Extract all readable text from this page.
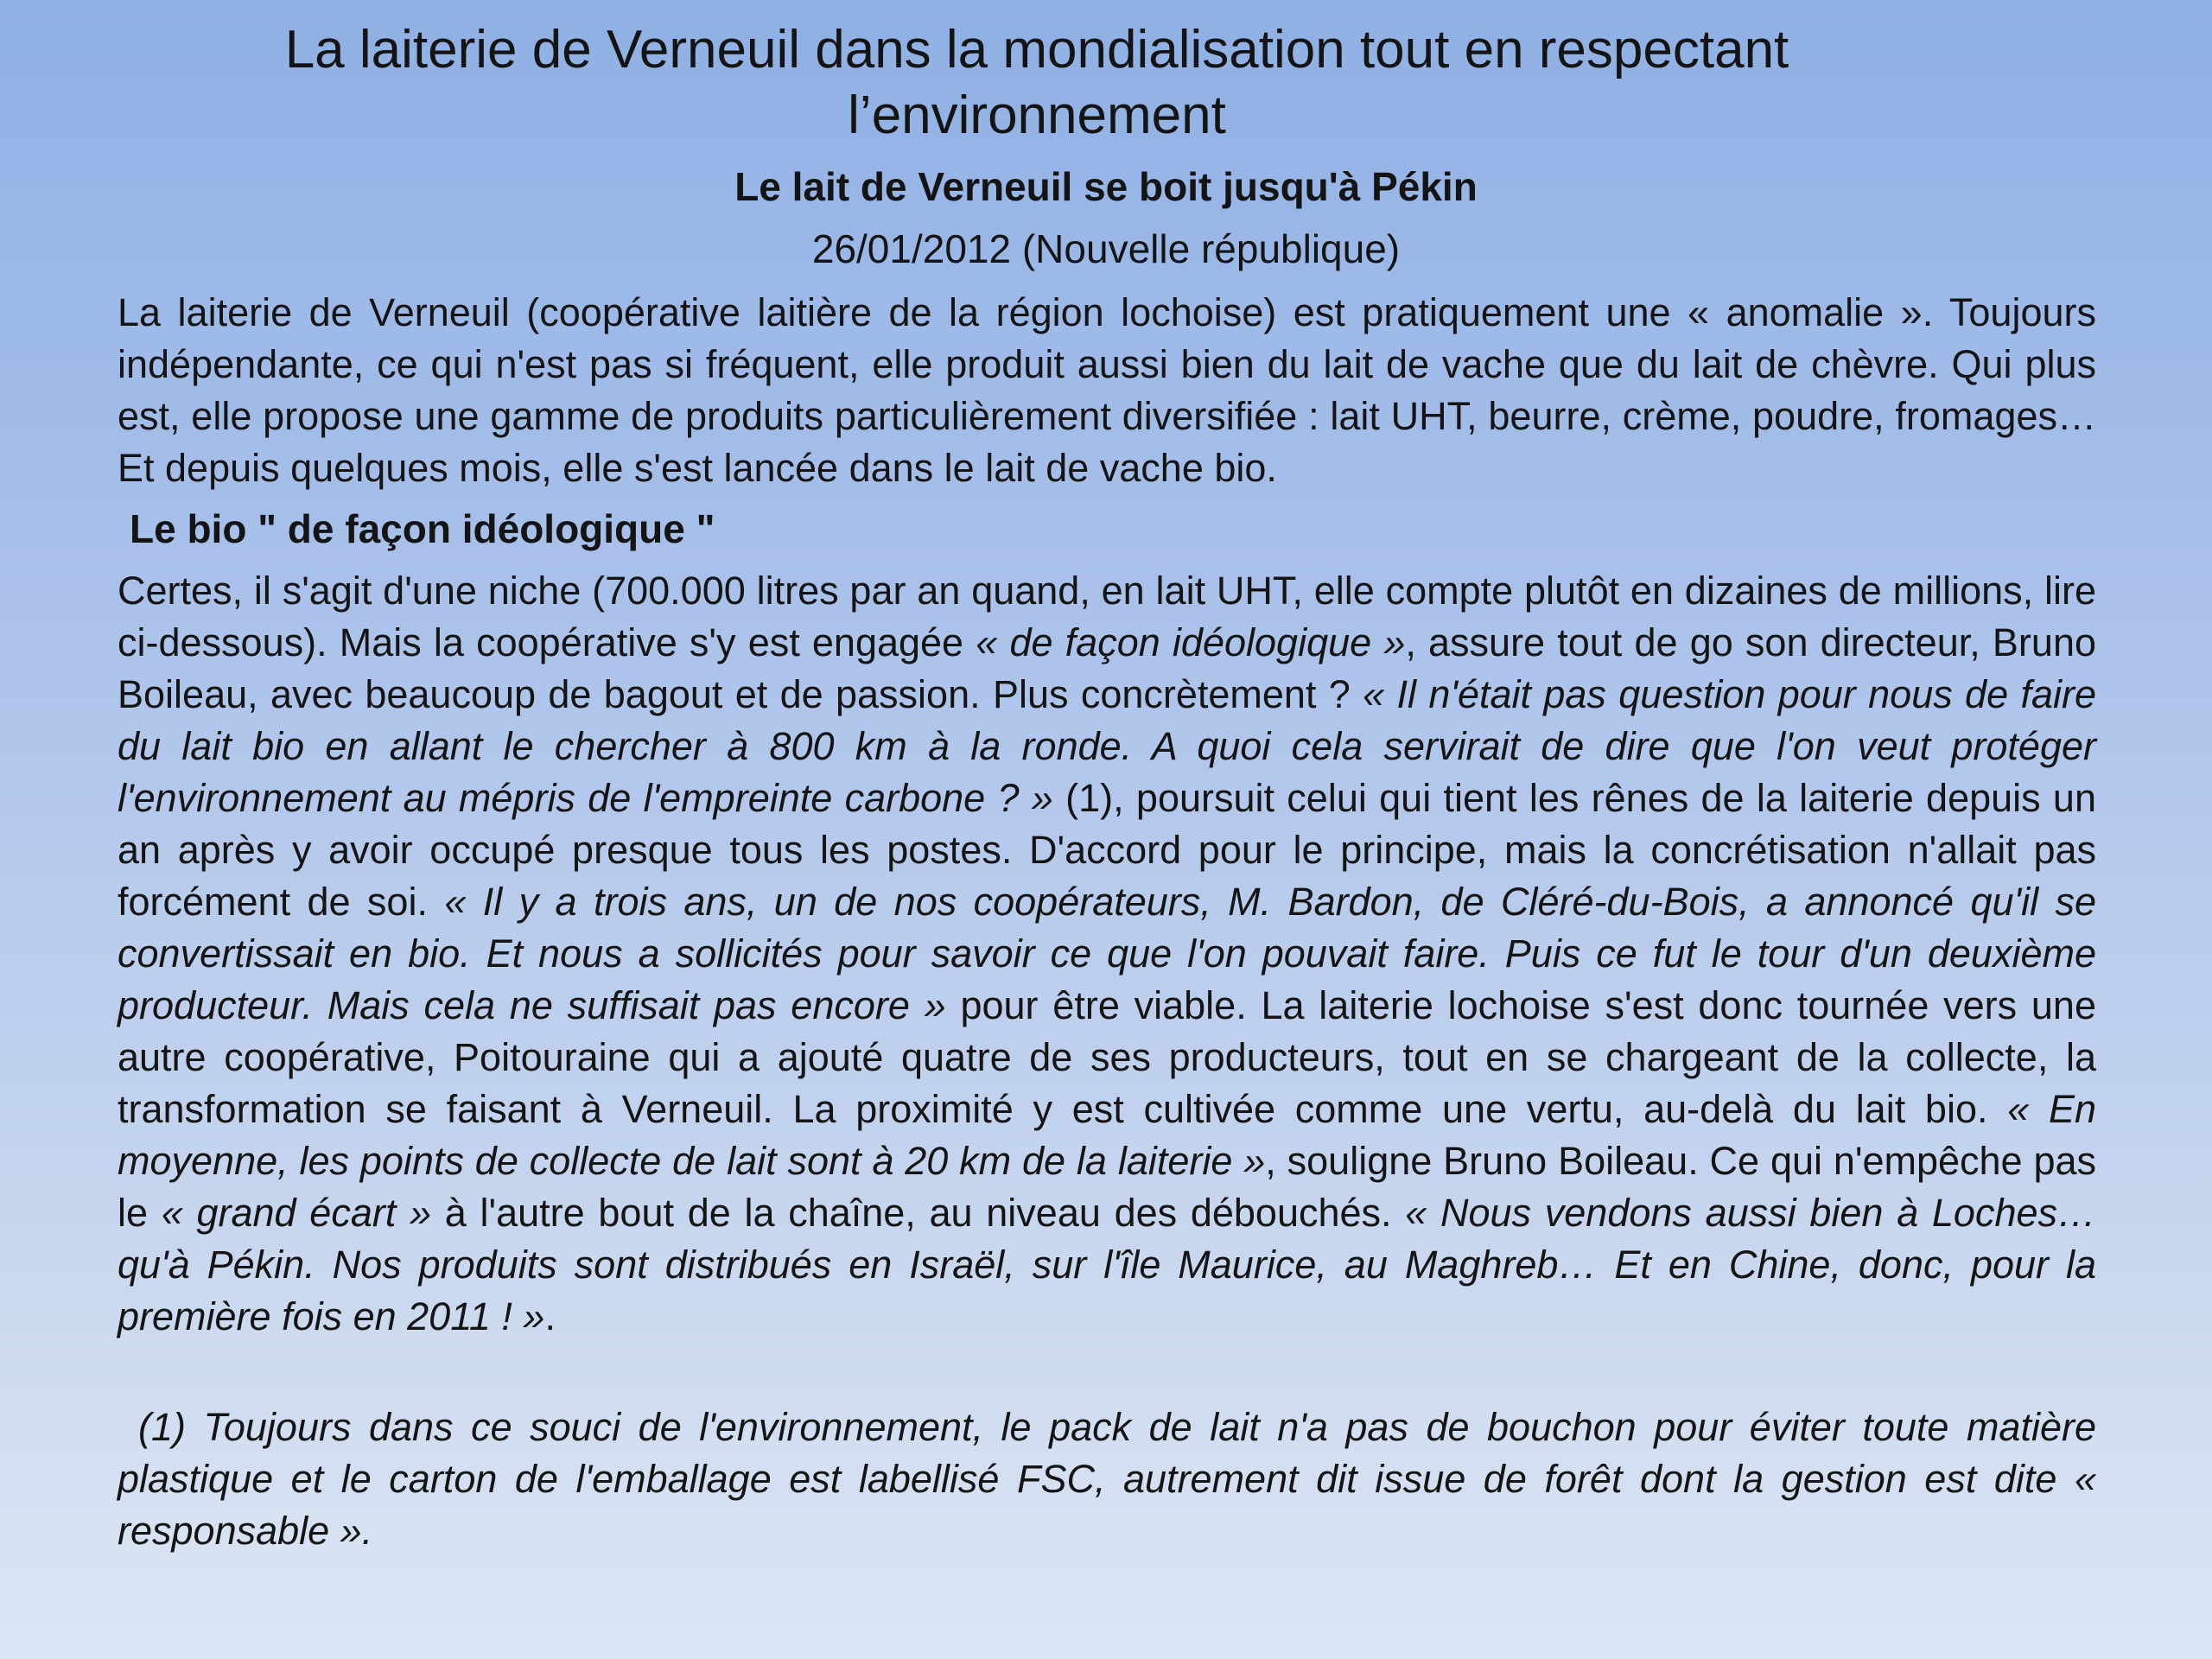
La laiterie de Verneuil dans la mondialisation tout en respectant l’environnement
Le lait de Verneuil se boit jusqu'à Pékin

26/01/2012 (Nouvelle république)

La laiterie de Verneuil (coopérative laitière de la région lochoise) est pratiquement une « anomalie ». Toujours indépendante, ce qui n'est pas si fréquent, elle produit aussi bien du lait de vache que du lait de chèvre. Qui plus est, elle propose une gamme de produits particulièrement diversifiée : lait UHT, beurre, crème, poudre, fromages… Et depuis quelques mois, elle s'est lancée dans le lait de vache bio.

Le bio " de façon idéologique "

Certes, il s'agit d'une niche (700.000 litres par an quand, en lait UHT, elle compte plutôt en dizaines de millions, lire ci-dessous). Mais la coopérative s'y est engagée « de façon idéologique », assure tout de go son directeur, Bruno Boileau, avec beaucoup de bagout et de passion. Plus concrètement ? « Il n'était pas question pour nous de faire du lait bio en allant le chercher à 800 km à la ronde. A quoi cela servirait de dire que l'on veut protéger l'environnement au mépris de l'empreinte carbone ? » (1), poursuit celui qui tient les rênes de la laiterie depuis un an après y avoir occupé presque tous les postes. D'accord pour le principe, mais la concrétisation n'allait pas forcément de soi. « Il y a trois ans, un de nos coopérateurs, M. Bardon, de Cléré-du-Bois, a annoncé qu'il se convertissait en bio. Et nous a sollicités pour savoir ce que l'on pouvait faire. Puis ce fut le tour d'un deuxième producteur. Mais cela ne suffisait pas encore » pour être viable. La laiterie lochoise s'est donc tournée vers une autre coopérative, Poitouraine qui a ajouté quatre de ses producteurs, tout en se chargeant de la collecte, la transformation se faisant à Verneuil. La proximité y est cultivée comme une vertu, au-delà du lait bio. « En moyenne, les points de collecte de lait sont à 20 km de la laiterie », souligne Bruno Boileau. Ce qui n'empêche pas le « grand écart » à l'autre bout de la chaîne, au niveau des débouchés. « Nous vendons aussi bien à Loches… qu'à Pékin. Nos produits sont distribués en Israël, sur l'île Maurice, au Maghreb… Et en Chine, donc, pour la première fois en 2011 ! ».

(1) Toujours dans ce souci de l'environnement, le pack de lait n'a pas de bouchon pour éviter toute matière plastique et le carton de l'emballage est labellisé FSC, autrement dit issue de forêt dont la gestion est dite « responsable ».
